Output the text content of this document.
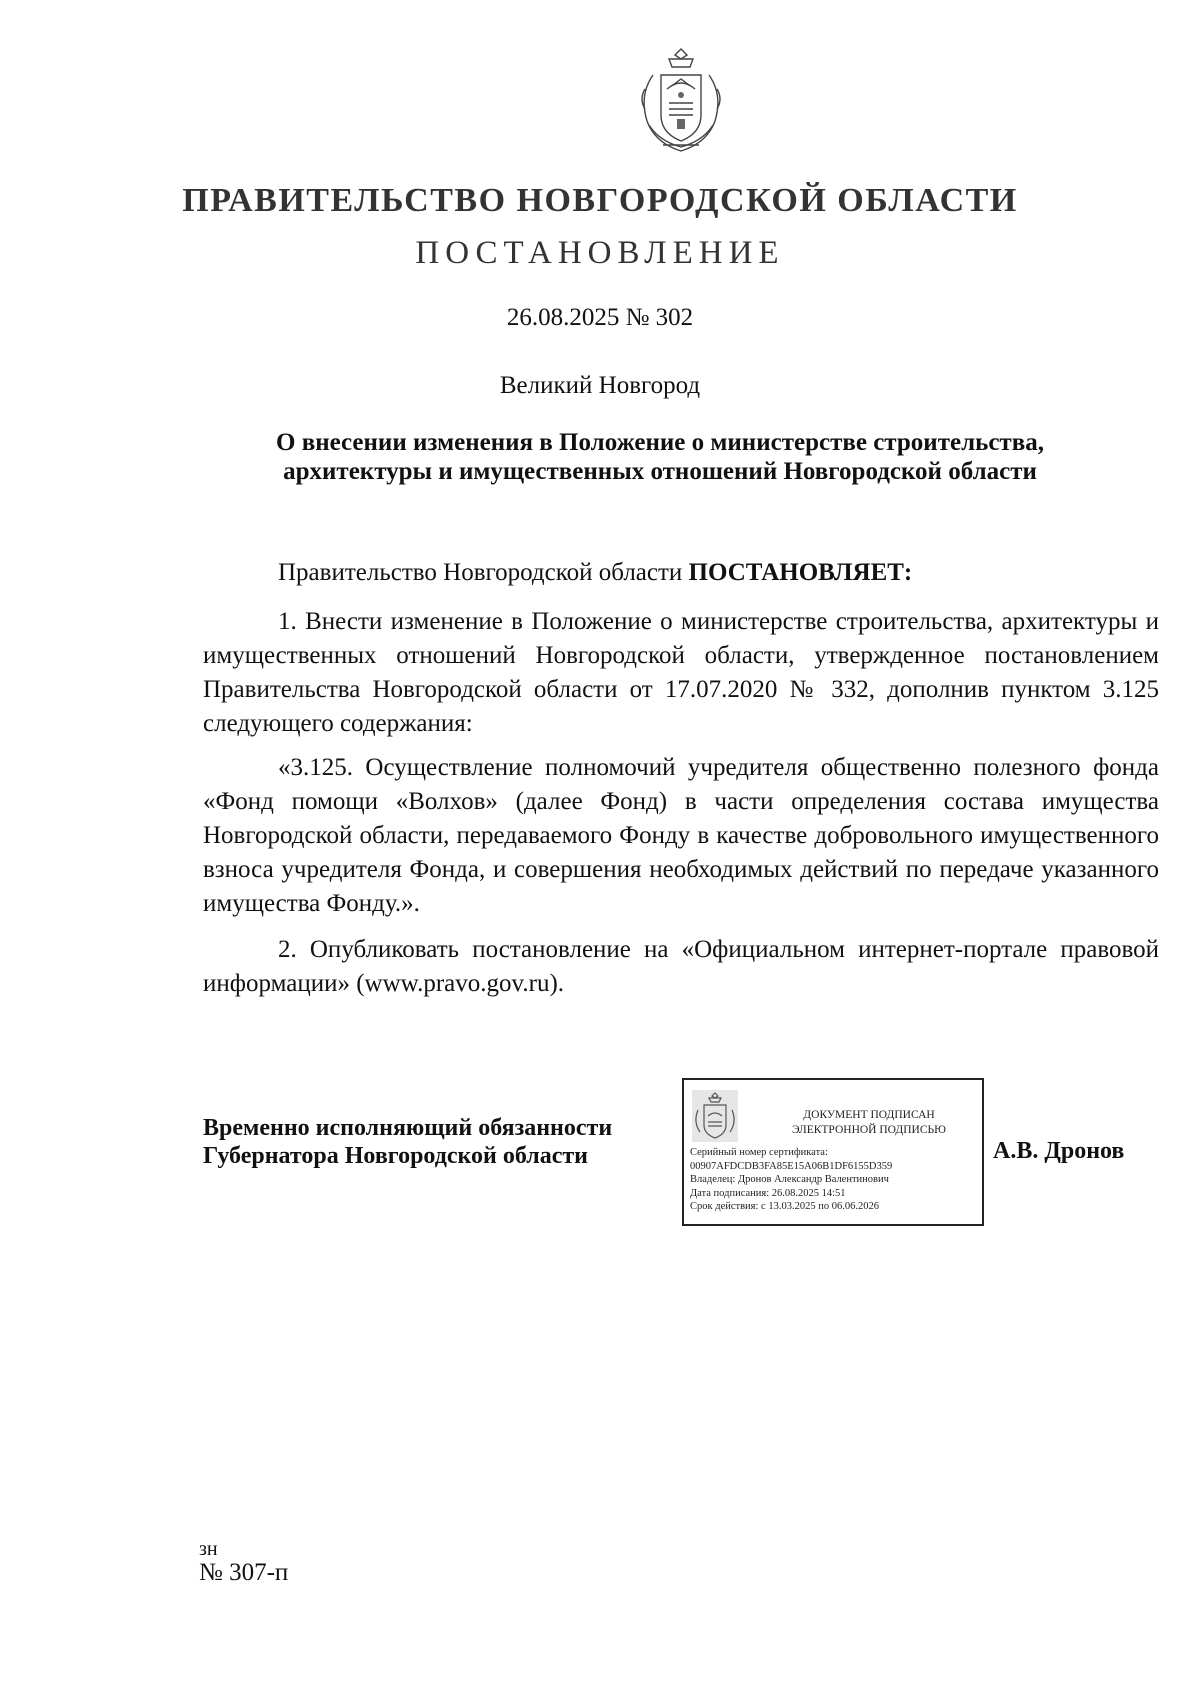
ПРАВИТЕЛЬСТВО НОВГОРОДСКОЙ ОБЛАСТИ
ПОСТАНОВЛЕНИЕ
26.08.2025 № 302
Великий Новгород
О внесении изменения в Положение о министерстве строительства,
архитектуры и имущественных отношений Новгородской области
Правительство Новгородской области ПОСТАНОВЛЯЕТ:
1. Внести изменение в Положение о министерстве строительства, архитектуры и имущественных отношений Новгородской области, утвержденное постановлением Правительства Новгородской области от 17.07.2020 № 332, дополнив пунктом 3.125 следующего содержания:
«3.125. Осуществление полномочий учредителя общественно полезного фонда «Фонд помощи «Волхов» (далее Фонд) в части определения состава имущества Новгородской области, передаваемого Фонду в качестве добровольного имущественного взноса учредителя Фонда, и совершения необходимых действий по передаче указанного имущества Фонду.».
2. Опубликовать постановление на «Официальном интернет-портале правовой информации» (www.pravo.gov.ru).
Временно исполняющий обязанности
Губернатора Новгородской области
ДОКУМЕНТ ПОДПИСАН
ЭЛЕКТРОННОЙ ПОДПИСЬЮ
Серийный номер сертификата:
00907AFDCDB3FA85E15A06B1DF6155D359
Владелец: Дронов Александр Валентинович
Дата подписания: 26.08.2025 14:51
Срок действия: с 13.03.2025 по 06.06.2026
А.В. Дронов
зн
№ 307-п
